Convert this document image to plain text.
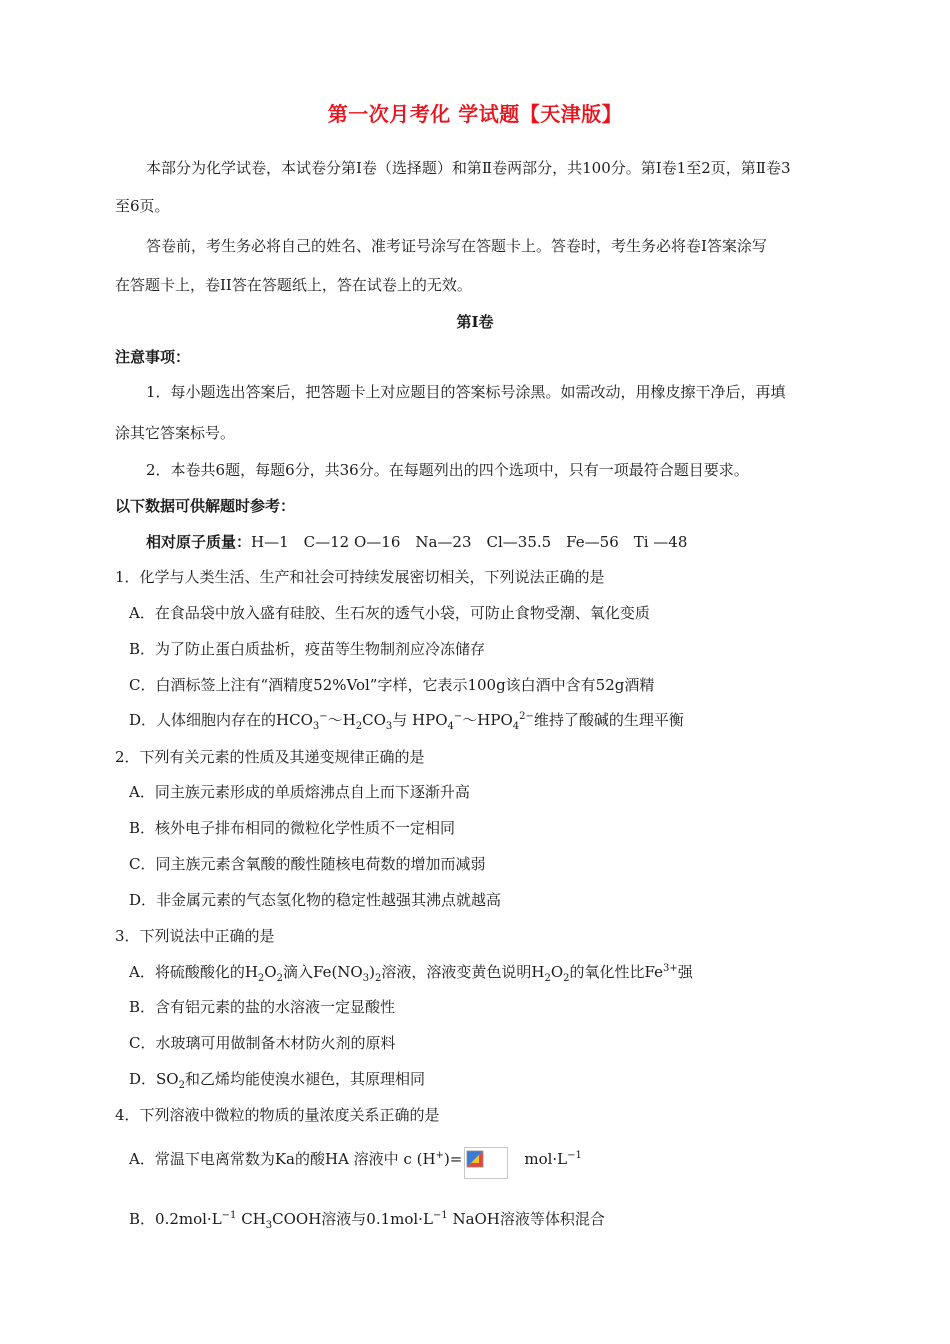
第一次月考化 学试题【天津版】
本部分为化学试卷，本试卷分第I卷（选择题）和第Ⅱ卷两部分，共100分。第Ⅰ卷1至2页，第Ⅱ卷3
至6页。
答卷前，考生务必将自己的姓名、准考证号涂写在答题卡上。答卷时，考生务必将卷Ⅰ答案涂写
在答题卡上，卷II答在答题纸上，答在试卷上的无效。
第I卷
注意事项：
1．每小题选出答案后，把答题卡上对应题目的答案标号涂黑。如需改动，用橡皮擦干净后，再填
涂其它答案标号。
2．本卷共6题，每题6分，共36分。在每题列出的四个选项中，只有一项最符合题目要求。
以下数据可供解题时参考：
相对原子质量：H—1　C—12 O—16　Na—23　Cl—35.5　Fe—56　Ti —48
1．化学与人类生活、生产和社会可持续发展密切相关，下列说法正确的是
A．在食品袋中放入盛有硅胶、生石灰的透气小袋，可防止食物受潮、氧化变质
B．为了防止蛋白质盐析，疫苗等生物制剂应冷冻储存
C．白酒标签上注有“酒精度52%Vol”字样，它表示100g该白酒中含有52g酒精
D．人体细胞内存在的$HCO_3^-\sim H_2CO_3$与 $HPO_4^-\sim HPO_4^{2-}$维持了酸碱的生理平衡
2．下列有关元素的性质及其递变规律正确的是
A．同主族元素形成的单质熔沸点自上而下逐渐升高
B．核外电子排布相同的微粒化学性质不一定相同
C．同主族元素含氧酸的酸性随核电荷数的增加而减弱
D．非金属元素的气态氢化物的稳定性越强其沸点就越高
3．下列说法中正确的是
A．将硫酸酸化的$H_2O_2$滴入$Fe(NO_3)_2$溶液，溶液变黄色说明$H_2O_2$的氧化性比$Fe^{3+}$强
B．含有铝元素的盐的水溶液一定显酸性
C．水玻璃可用做制备木材防火剂的原料
D．$SO_2$和乙烯均能使溴水褪色，其原理相同
4．下列溶液中微粒的物质的量浓度关系正确的是
A．常温下电离常数为Ka的酸HA 溶液中 c (H+)=	$mol\cdot L^{-1}$
B．$0.2mol\cdot L^{-1}$ $CH_3COOH$溶液与$0.1mol\cdot L^{-1}$ NaOH溶液等体积混合
